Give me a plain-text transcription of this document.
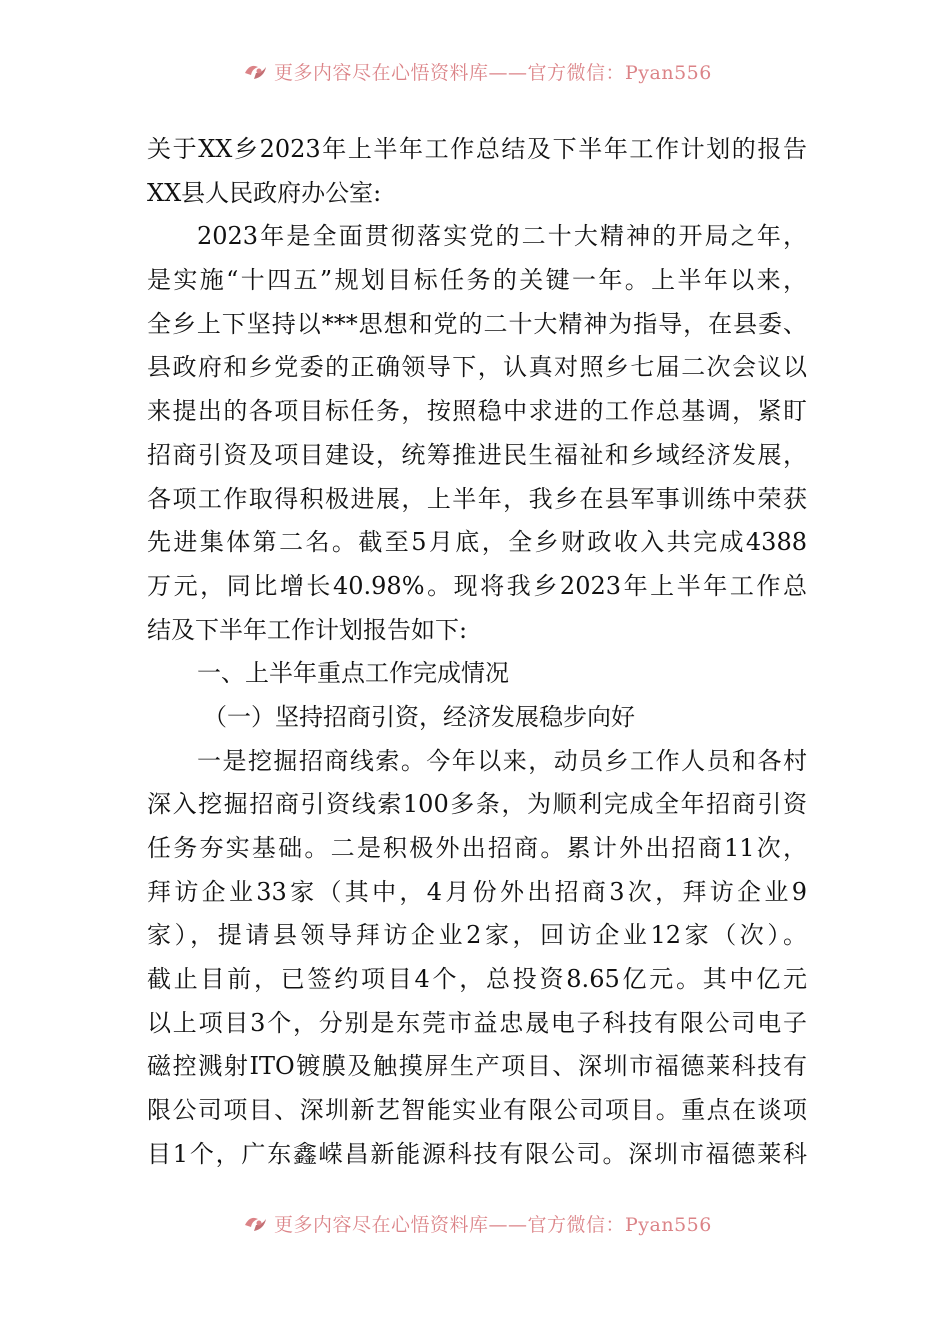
更多内容尽在心悟资料库——官方微信：Pyan556
关于XX乡2023年上半年工作总结及下半年工作计划的报告
XX县人民政府办公室:
2023年是全面贯彻落实党的二十大精神的开局之年，
是实施“十四五”规划目标任务的关键一年。上半年以来，
全乡上下坚持以***思想和党的二十大精神为指导，在县委、
县政府和乡党委的正确领导下，认真对照乡七届二次会议以
来提出的各项目标任务，按照稳中求进的工作总基调，紧盯
招商引资及项目建设，统筹推进民生福祉和乡域经济发展，
各项工作取得积极进展，上半年，我乡在县军事训练中荣获
先进集体第二名。截至5月底，全乡财政收入共完成4388
万元，同比增长40.98%。现将我乡2023年上半年工作总
结及下半年工作计划报告如下:
一、上半年重点工作完成情况
（一）坚持招商引资，经济发展稳步向好
一是挖掘招商线索。今年以来，动员乡工作人员和各村
深入挖掘招商引资线索100多条，为顺利完成全年招商引资
任务夯实基础。二是积极外出招商。累计外出招商11次，
拜访企业33家（其中，4月份外出招商3次，拜访企业9
家），提请县领导拜访企业2家，回访企业12家（次）。
截止目前，已签约项目4个，总投资8.65亿元。其中亿元
以上项目3个，分别是东莞市益忠晟电子科技有限公司电子
磁控溅射ITO镀膜及触摸屏生产项目、深圳市福德莱科技有
限公司项目、深圳新艺智能实业有限公司项目。重点在谈项
目1个，广东鑫嵘昌新能源科技有限公司。深圳市福德莱科
更多内容尽在心悟资料库——官方微信：Pyan556
